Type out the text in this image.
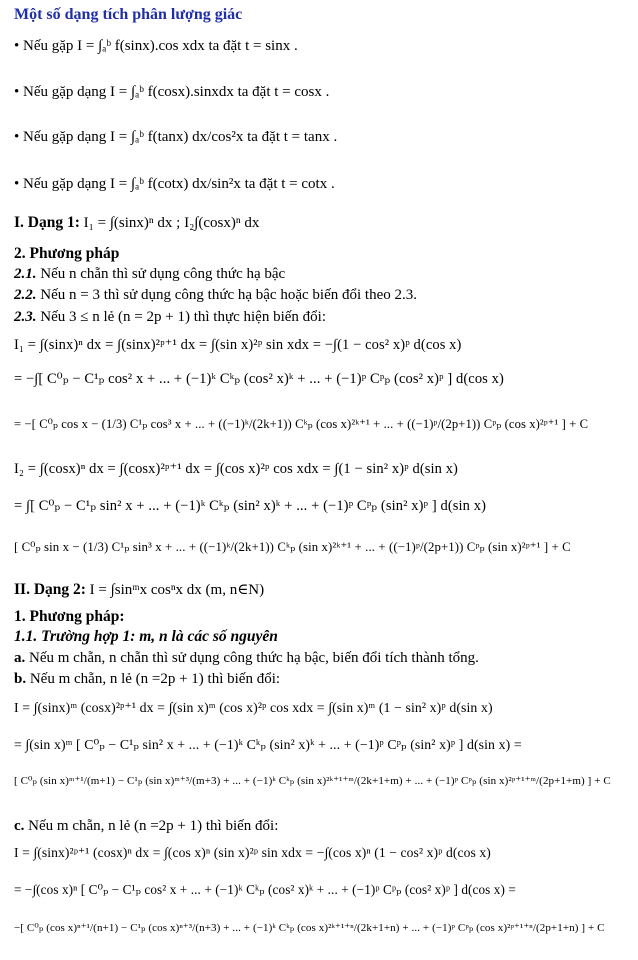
Một số dạng tích phân lượng giác
• Nếu gặp I = ∫ₐᵇ f(sinx).cos xdx ta đặt t = sinx .
• Nếu gặp dạng I = ∫ₐᵇ f(cosx).sinxdx ta đặt t = cosx .
• Nếu gặp dạng I = ∫ₐᵇ f(tanx) dx/cos²x ta đặt t = tanx .
• Nếu gặp dạng I = ∫ₐᵇ f(cotx) dx/sin²x ta đặt t = cotx .
I. Dạng 1: I₁ = ∫(sinx)ⁿ dx ; I₂∫(cosx)ⁿ dx
2. Phương pháp
2.1. Nếu n chẵn thì sử dụng công thức hạ bậc
2.2. Nếu n = 3 thì sử dụng công thức hạ bậc hoặc biến đổi theo 2.3.
2.3. Nếu 3 ≤ n lẻ (n = 2p + 1) thì thực hiện biến đổi:
I₁ = ∫(sinx)ⁿ dx = ∫(sinx)²ᵖ⁺¹ dx = ∫(sin x)²ᵖ sin xdx = −∫(1 − cos² x)ᵖ d(cos x)
= −∫[ C⁰ₚ − C¹ₚ cos² x + ... + (−1)ᵏ Cᵏₚ (cos² x)ᵏ + ... + (−1)ᵖ Cᵖₚ (cos² x)ᵖ ] d(cos x)
= −[ C⁰ₚ cos x − (1/3) C¹ₚ cos³ x + ... + ((−1)ᵏ/(2k+1)) Cᵏₚ (cos x)²ᵏ⁺¹ + ... + ((−1)ᵖ/(2p+1)) Cᵖₚ (cos x)²ᵖ⁺¹ ] + C
I₂ = ∫(cosx)ⁿ dx = ∫(cosx)²ᵖ⁺¹ dx = ∫(cos x)²ᵖ cos xdx = ∫(1 − sin² x)ᵖ d(sin x)
= ∫[ C⁰ₚ − C¹ₚ sin² x + ... + (−1)ᵏ Cᵏₚ (sin² x)ᵏ + ... + (−1)ᵖ Cᵖₚ (sin² x)ᵖ ] d(sin x)
[ C⁰ₚ sin x − (1/3) C¹ₚ sin³ x + ... + ((−1)ᵏ/(2k+1)) Cᵏₚ (sin x)²ᵏ⁺¹ + ... + ((−1)ᵖ/(2p+1)) Cᵖₚ (sin x)²ᵖ⁺¹ ] + C
II. Dạng 2: I = ∫sinᵐx cosⁿx dx (m, n∈N)
1. Phương pháp:
1.1. Trường hợp 1: m, n là các số nguyên
a. Nếu m chẵn, n chẵn thì sử dụng công thức hạ bậc, biến đổi tích thành tổng.
b. Nếu m chẵn, n lẻ (n =2p + 1) thì biến đổi:
I = ∫(sinx)ᵐ (cosx)²ᵖ⁺¹ dx = ∫(sin x)ᵐ (cos x)²ᵖ cos xdx = ∫(sin x)ᵐ (1 − sin² x)ᵖ d(sin x)
= ∫(sin x)ᵐ [ C⁰ₚ − C¹ₚ sin² x + ... + (−1)ᵏ Cᵏₚ (sin² x)ᵏ + ... + (−1)ᵖ Cᵖₚ (sin² x)ᵖ ] d(sin x) =
[ C⁰ₚ (sin x)ᵐ⁺¹/(m+1) − C¹ₚ (sin x)ᵐ⁺³/(m+3) + ... + (−1)ᵏ Cᵏₚ (sin x)²ᵏ⁺¹⁺ᵐ/(2k+1+m) + ... + (−1)ᵖ Cᵖₚ (sin x)²ᵖ⁺¹⁺ᵐ/(2p+1+m) ] + C
c. Nếu m chẵn, n lẻ (n =2p + 1) thì biến đổi:
I = ∫(sinx)²ᵖ⁺¹ (cosx)ⁿ dx = ∫(cos x)ⁿ (sin x)²ᵖ sin xdx = −∫(cos x)ⁿ (1 − cos² x)ᵖ d(cos x)
= −∫(cos x)ⁿ [ C⁰ₚ − C¹ₚ cos² x + ... + (−1)ᵏ Cᵏₚ (cos² x)ᵏ + ... + (−1)ᵖ Cᵖₚ (cos² x)ᵖ ] d(cos x) =
−[ C⁰ₚ (cos x)ⁿ⁺¹/(n+1) − C¹ₚ (cos x)ⁿ⁺³/(n+3) + ... + (−1)ᵏ Cᵏₚ (cos x)²ᵏ⁺¹⁺ⁿ/(2k+1+n) + ... + (−1)ᵖ Cᵖₚ (cos x)²ᵖ⁺¹⁺ⁿ/(2p+1+n) ] + C
